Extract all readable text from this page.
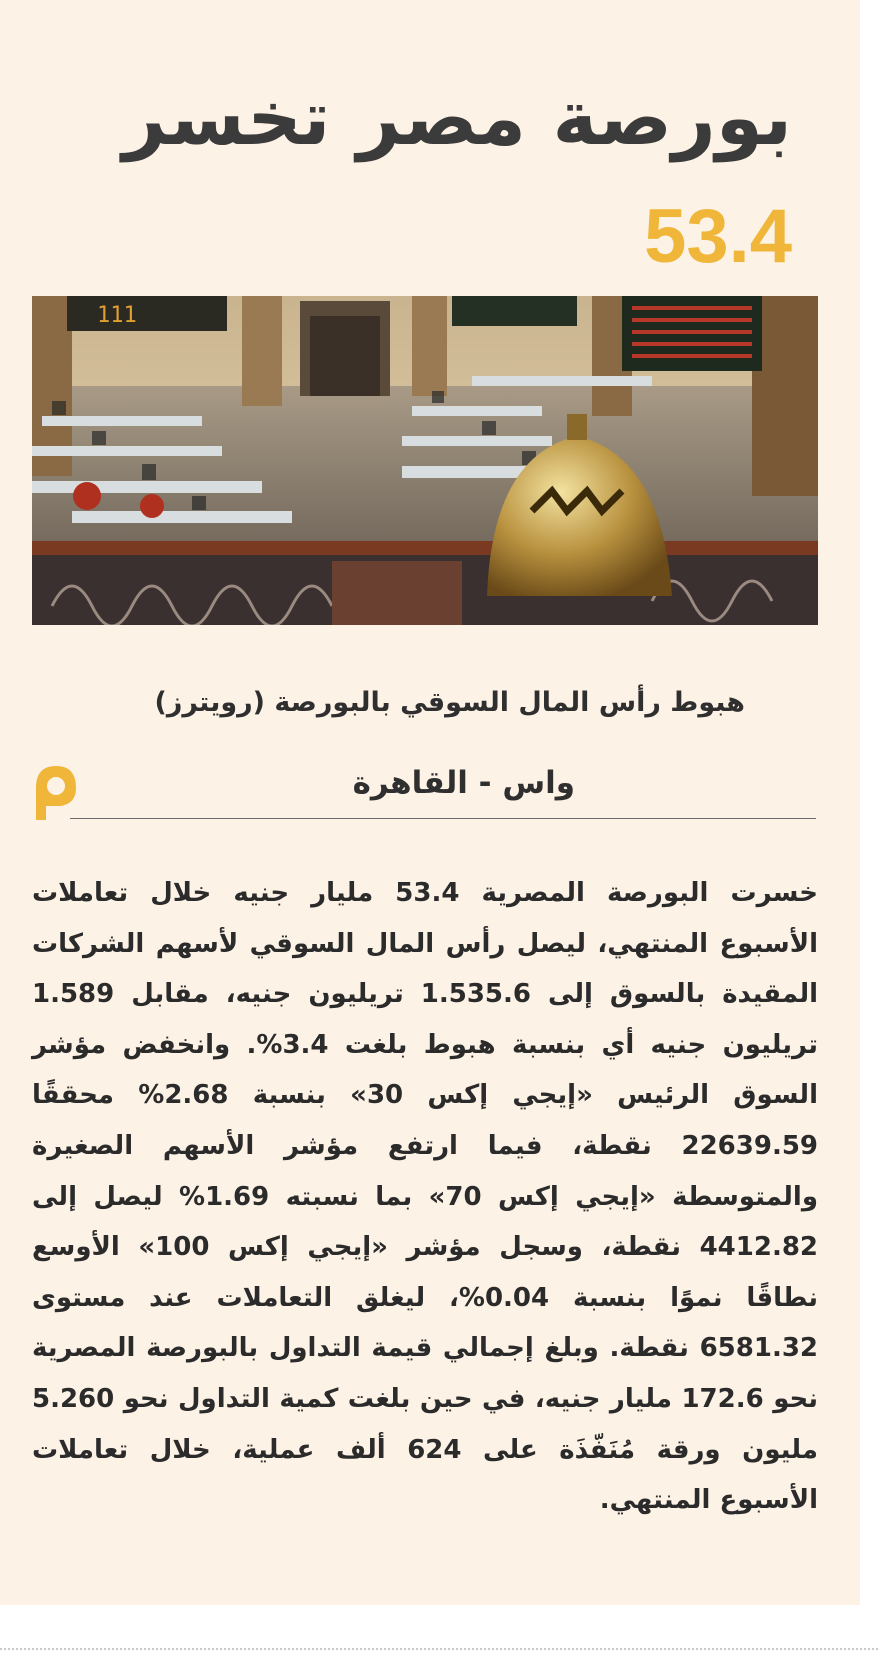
بورصة مصر تخسر 53.4

111

هبوط رأس المال السوقي بالبورصة (رويترز)

واس - القاهرة
خسرت البورصة المصرية 53.4 مليار جنيه خلال تعاملات الأسبوع المنتهي، ليصل رأس المال السوقي لأسهم الشركات المقيدة بالسوق إلى 1.535.6 تريليون جنيه، مقابل 1.589 تريليون جنيه أي بنسبة هبوط بلغت 3.4%. وانخفض مؤشر السوق الرئيس «إيجي إكس 30» بنسبة 2.68% محققًا 22639.59 نقطة، فيما ارتفع مؤشر الأسهم الصغيرة والمتوسطة «إيجي إكس 70» بما نسبته 1.69% ليصل إلى 4412.82 نقطة، وسجل مؤشر «إيجي إكس 100» الأوسع نطاقًا نموًا بنسبة 0.04%، ليغلق التعاملات عند مستوى 6581.32 نقطة. وبلغ إجمالي قيمة التداول بالبورصة المصرية نحو 172.6 مليار جنيه، في حين بلغت كمية التداول نحو 5.260 مليون ورقة مُنَفّذَة على 624 ألف عملية، خلال تعاملات الأسبوع المنتهي.
